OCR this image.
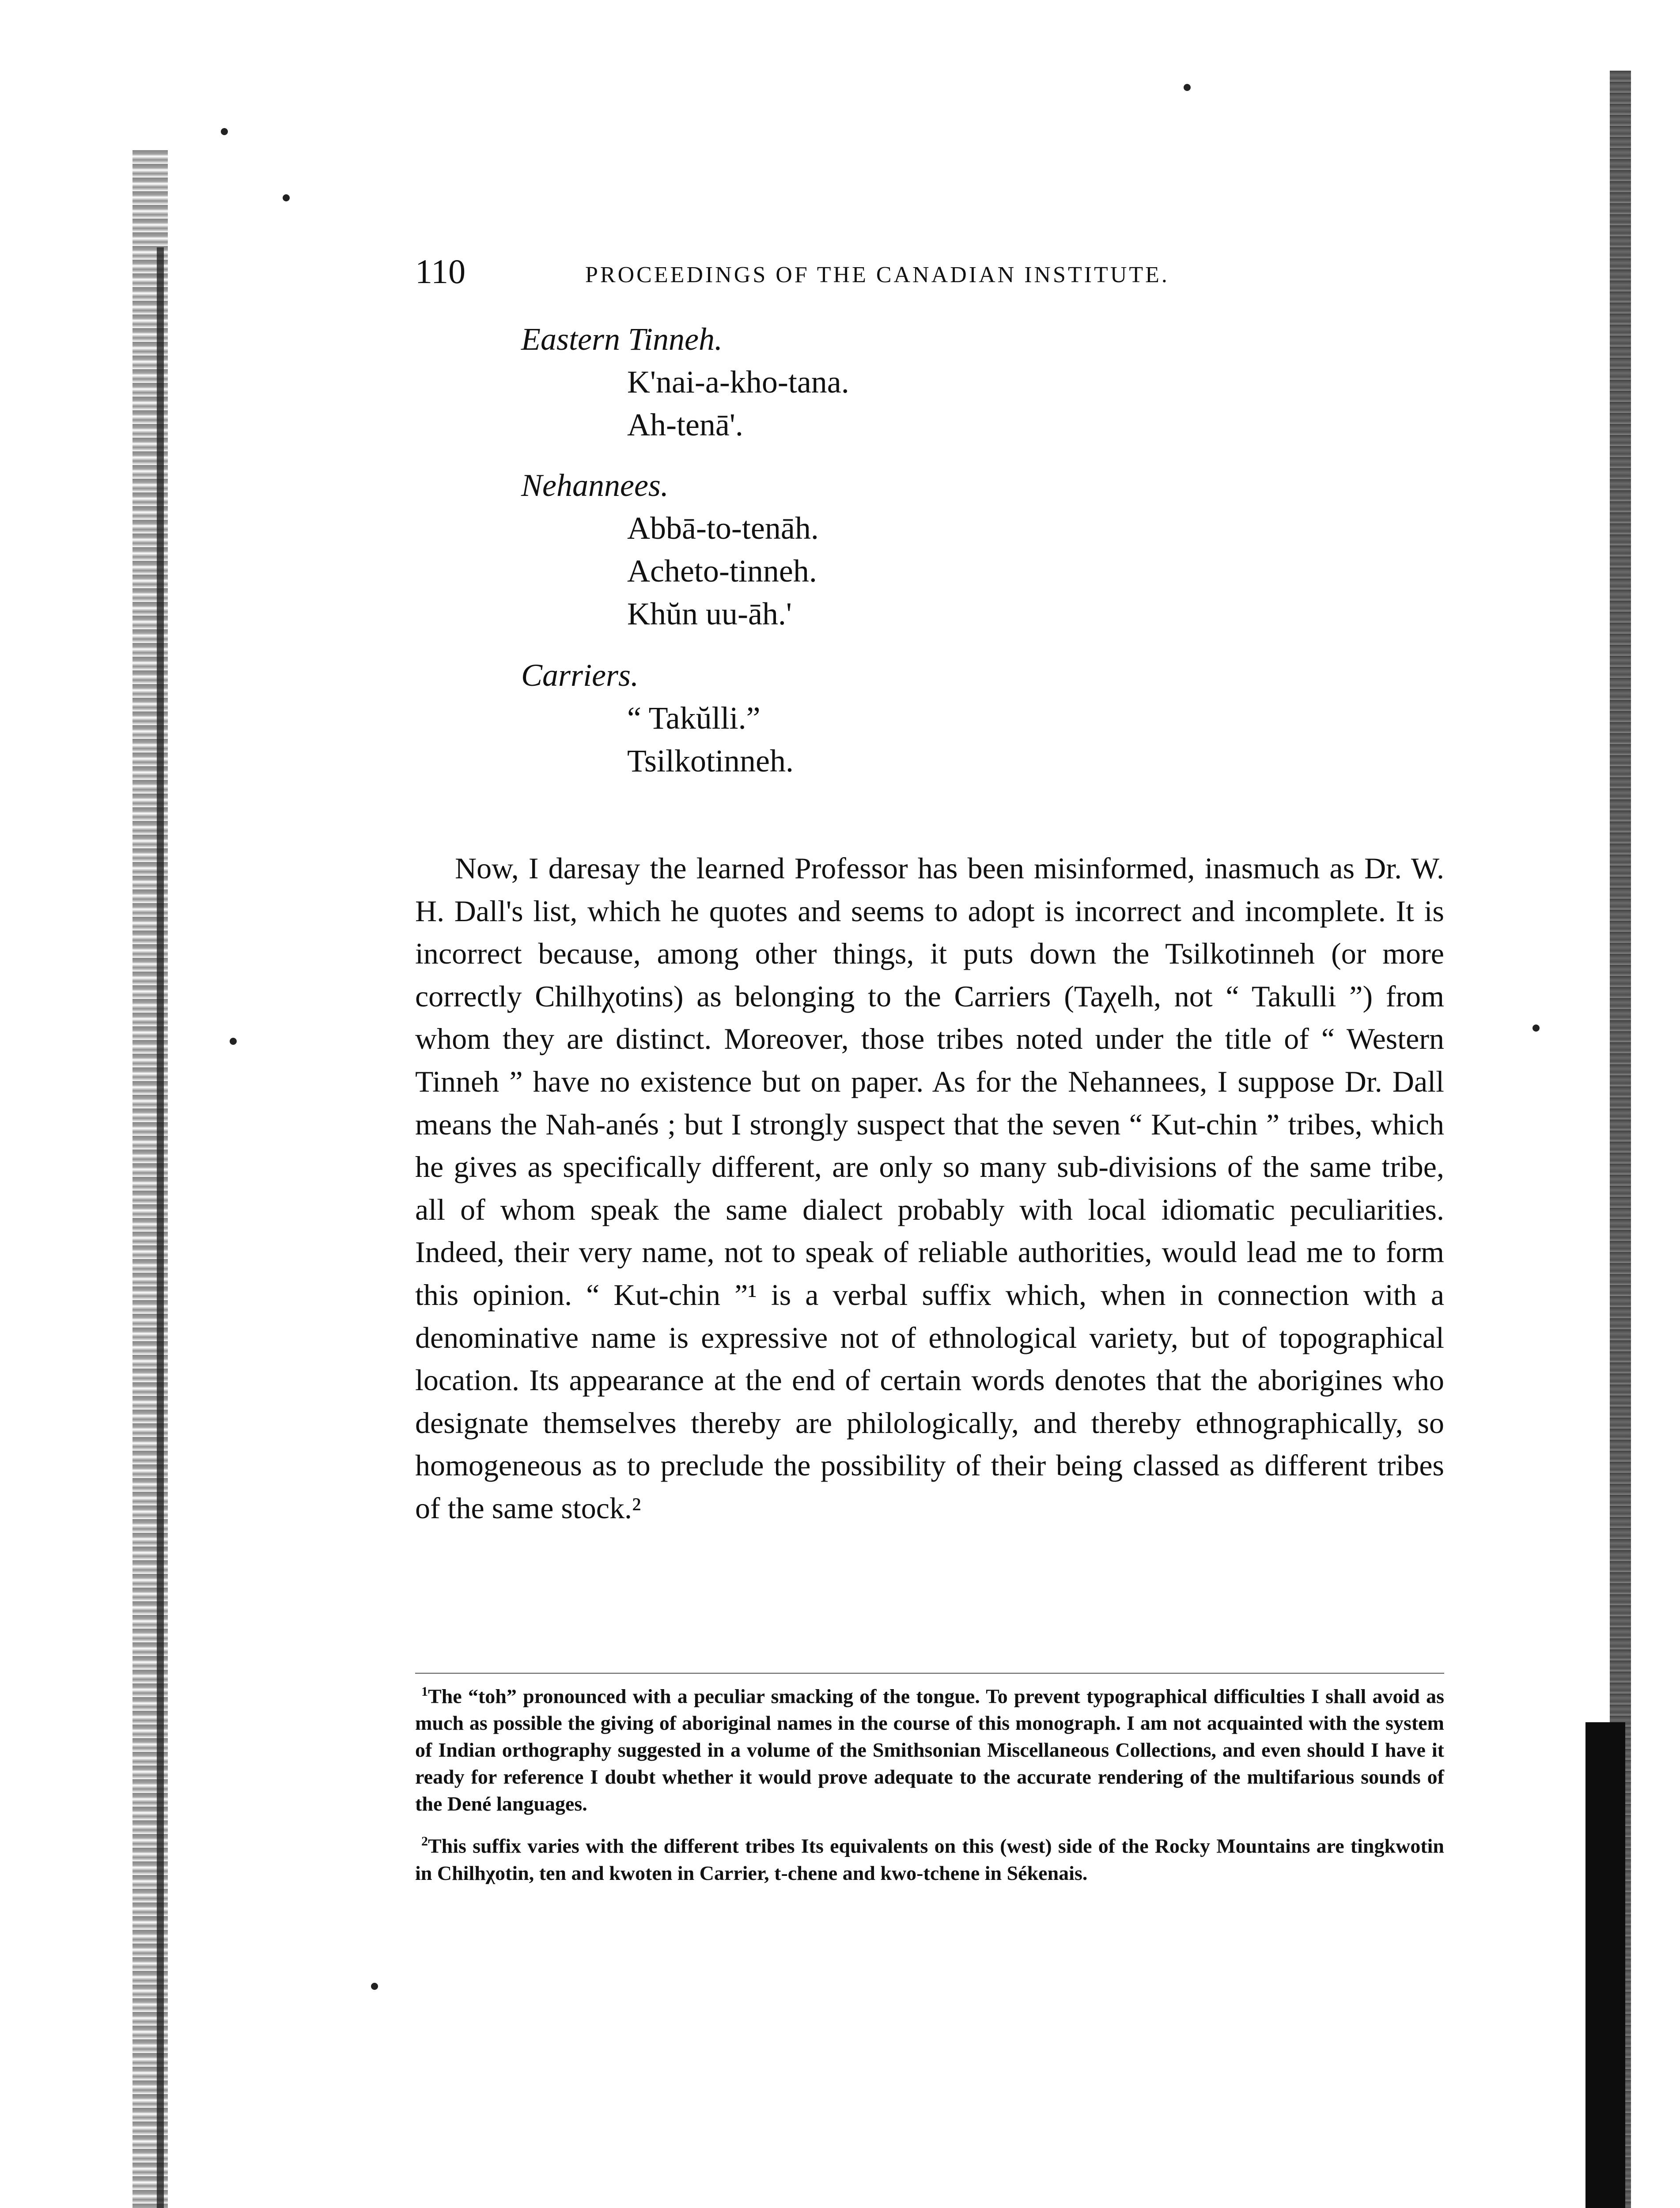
110	PROCEEDINGS OF THE CANADIAN INSTITUTE.

Eastern Tinneh.

K'nai-a-kho-tana.

Ah-tenā'.

Nehannees.

Abbā-to-tenāh.

Acheto-tinneh.

Khŭn uu-āh.'

Carriers.

“ Takŭlli.”

Tsilkotinneh.

Now, I daresay the learned Professor has been misinformed, inasmuch as Dr. W. H. Dall's list, which he quotes and seems to adopt is incorrect and incomplete. It is incorrect because, among other things, it puts down the Tsilkotinneh (or more correctly Chilhχotins) as belonging to the Carriers (Taχelh, not “ Takulli ”) from whom they are distinct. Moreover, those tribes noted under the title of “ Western Tinneh ” have no existence but on paper. As for the Nehannees, I suppose Dr. Dall means the Nah-anés ; but I strongly suspect that the seven “ Kut-chin ” tribes, which he gives as specifically different, are only so many sub-divisions of the same tribe, all of whom speak the same dialect probably with local idiomatic peculiarities. Indeed, their very name, not to speak of reliable authorities, would lead me to form this opinion. “ Kut-chin ”¹ is a verbal suffix which, when in connection with a denominative name is expressive not of ethnological variety, but of topographical location. Its appearance at the end of certain words denotes that the aborigines who designate themselves thereby are philologically, and thereby ethnographically, so homogeneous as to preclude the possibility of their being classed as different tribes of the same stock.²

$^1$The “toh” pronounced with a peculiar smacking of the tongue. To prevent typographical difficulties I shall avoid as much as possible the giving of aboriginal names in the course of this monograph. I am not acquainted with the system of Indian orthography suggested in a volume of the Smithsonian Miscellaneous Collections, and even should I have it ready for reference I doubt whether it would prove adequate to the accurate rendering of the multifarious sounds of the Dené languages.

$^2$This suffix varies with the different tribes Its equivalents on this (west) side of the Rocky Mountains are tingkwotin in Chilhχotin, ten and kwoten in Carrier, t-chene and kwo-tchene in Sékenais.
